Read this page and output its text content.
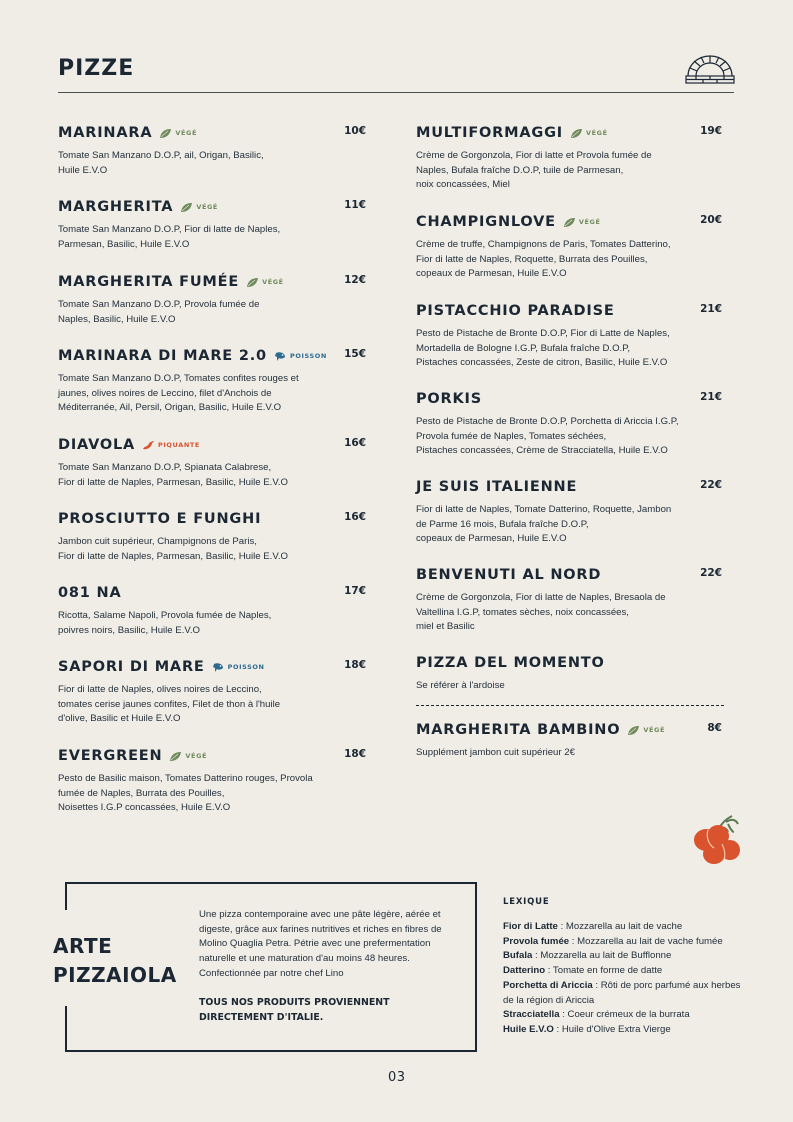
PIZZE
MARINARA	VÉGÉ	10€
Tomate San Manzano D.O.P, ail, Origan, Basilic,
Huile E.V.O
MARGHERITA	VÉGÉ	11€
Tomate San Manzano D.O.P, Fior di latte de Naples,
Parmesan, Basilic, Huile E.V.O
MARGHERITA FUMÉE	VÉGÉ	12€
Tomate San Manzano D.O.P, Provola fumée de
Naples, Basilic, Huile E.V.O
MARINARA DI MARE 2.0	POISSON 15€
Tomate San Manzano D.O.P, Tomates confites rouges et
jaunes, olives noires de Leccino, filet d'Anchois de
Méditerranée, Ail, Persil, Origan, Basilic, Huile E.V.O
DIAVOLA	PIQUANTE	16€
Tomate San Manzano D.O.P, Spianata Calabrese,
Fior di latte de Naples, Parmesan, Basilic, Huile E.V.O
PROSCIUTTO E FUNGHI	16€
Jambon cuit supérieur, Champignons de Paris,
Fior di latte de Naples, Parmesan, Basilic, Huile E.V.O
081 NA	17€
Ricotta, Salame Napoli, Provola fumée de Naples,
poivres noirs, Basilic, Huile E.V.O
SAPORI DI MARE	POISSON	18€
Fior di latte de Naples, olives noires de Leccino,
tomates cerise jaunes confites, Filet de thon à l'huile
d'olive, Basilic et Huile E.V.O
EVERGREEN	VÉGÉ	18€
Pesto de Basilic maison, Tomates Datterino rouges, Provola
fumée de Naples, Burrata des Pouilles,
Noisettes I.G.P concassées, Huile E.V.O
MULTIFORMAGGI	VÉGÉ	19€
Crème de Gorgonzola, Fior di latte et Provola fumée de
Naples, Bufala fraîche D.O.P, tuile de Parmesan,
noix concassées, Miel
CHAMPIGNLOVE	VÉGÉ	20€
Crème de truffe, Champignons de Paris, Tomates Datterino,
Fior di latte de Naples, Roquette, Burrata des Pouilles,
copeaux de Parmesan, Huile E.V.O
PISTACCHIO PARADISE	21€
Pesto de Pistache de Bronte D.O.P, Fior di Latte de Naples,
Mortadella de Bologne I.G.P, Bufala fraîche D.O.P,
Pistaches concassées, Zeste de citron, Basilic, Huile E.V.O
PORKIS	21€
Pesto de Pistache de Bronte D.O.P, Porchetta di Ariccia I.G.P,
Provola fumée de Naples, Tomates séchées,
Pistaches concassées, Crème de Stracciatella, Huile E.V.O
JE SUIS ITALIENNE	22€
Fior di latte de Naples, Tomate Datterino, Roquette, Jambon
de Parme 16 mois, Bufala fraîche D.O.P,
copeaux de Parmesan, Huile E.V.O
BENVENUTI AL NORD	22€
Crème de Gorgonzola, Fior di latte de Naples, Bresaola de
Valtellina I.G.P, tomates sèches, noix concassées,
miel et Basilic
PIZZA DEL MOMENTO
Se référer à l'ardoise
MARGHERITA BAMBINO	VÉGÉ	8€
Supplément jambon cuit supérieur 2€
ARTE
PIZZAIOLA
Une pizza contemporaine avec une pâte légère, aérée et digeste, grâce aux farines nutritives et riches en fibres de Molino Quaglia Petra. Pétrie avec une prefermentation naturelle et une maturation d'au moins 48 heures. Confectionnée par notre chef Lino
TOUS NOS PRODUITS PROVIENNENT DIRECTEMENT D'ITALIE.
LEXIQUE
Fior di Latte : Mozzarella au lait de vache
Provola fumée : Mozzarella au lait de vache fumée
Bufala : Mozzarella au lait de Bufflonne
Datterino : Tomate en forme de datte
Porchetta di Ariccia : Rôti de porc parfumé aux herbes de la région di Ariccia
Stracciatella : Coeur crémeux de la burrata
Huile E.V.O : Huile d'Olive Extra Vierge
03
